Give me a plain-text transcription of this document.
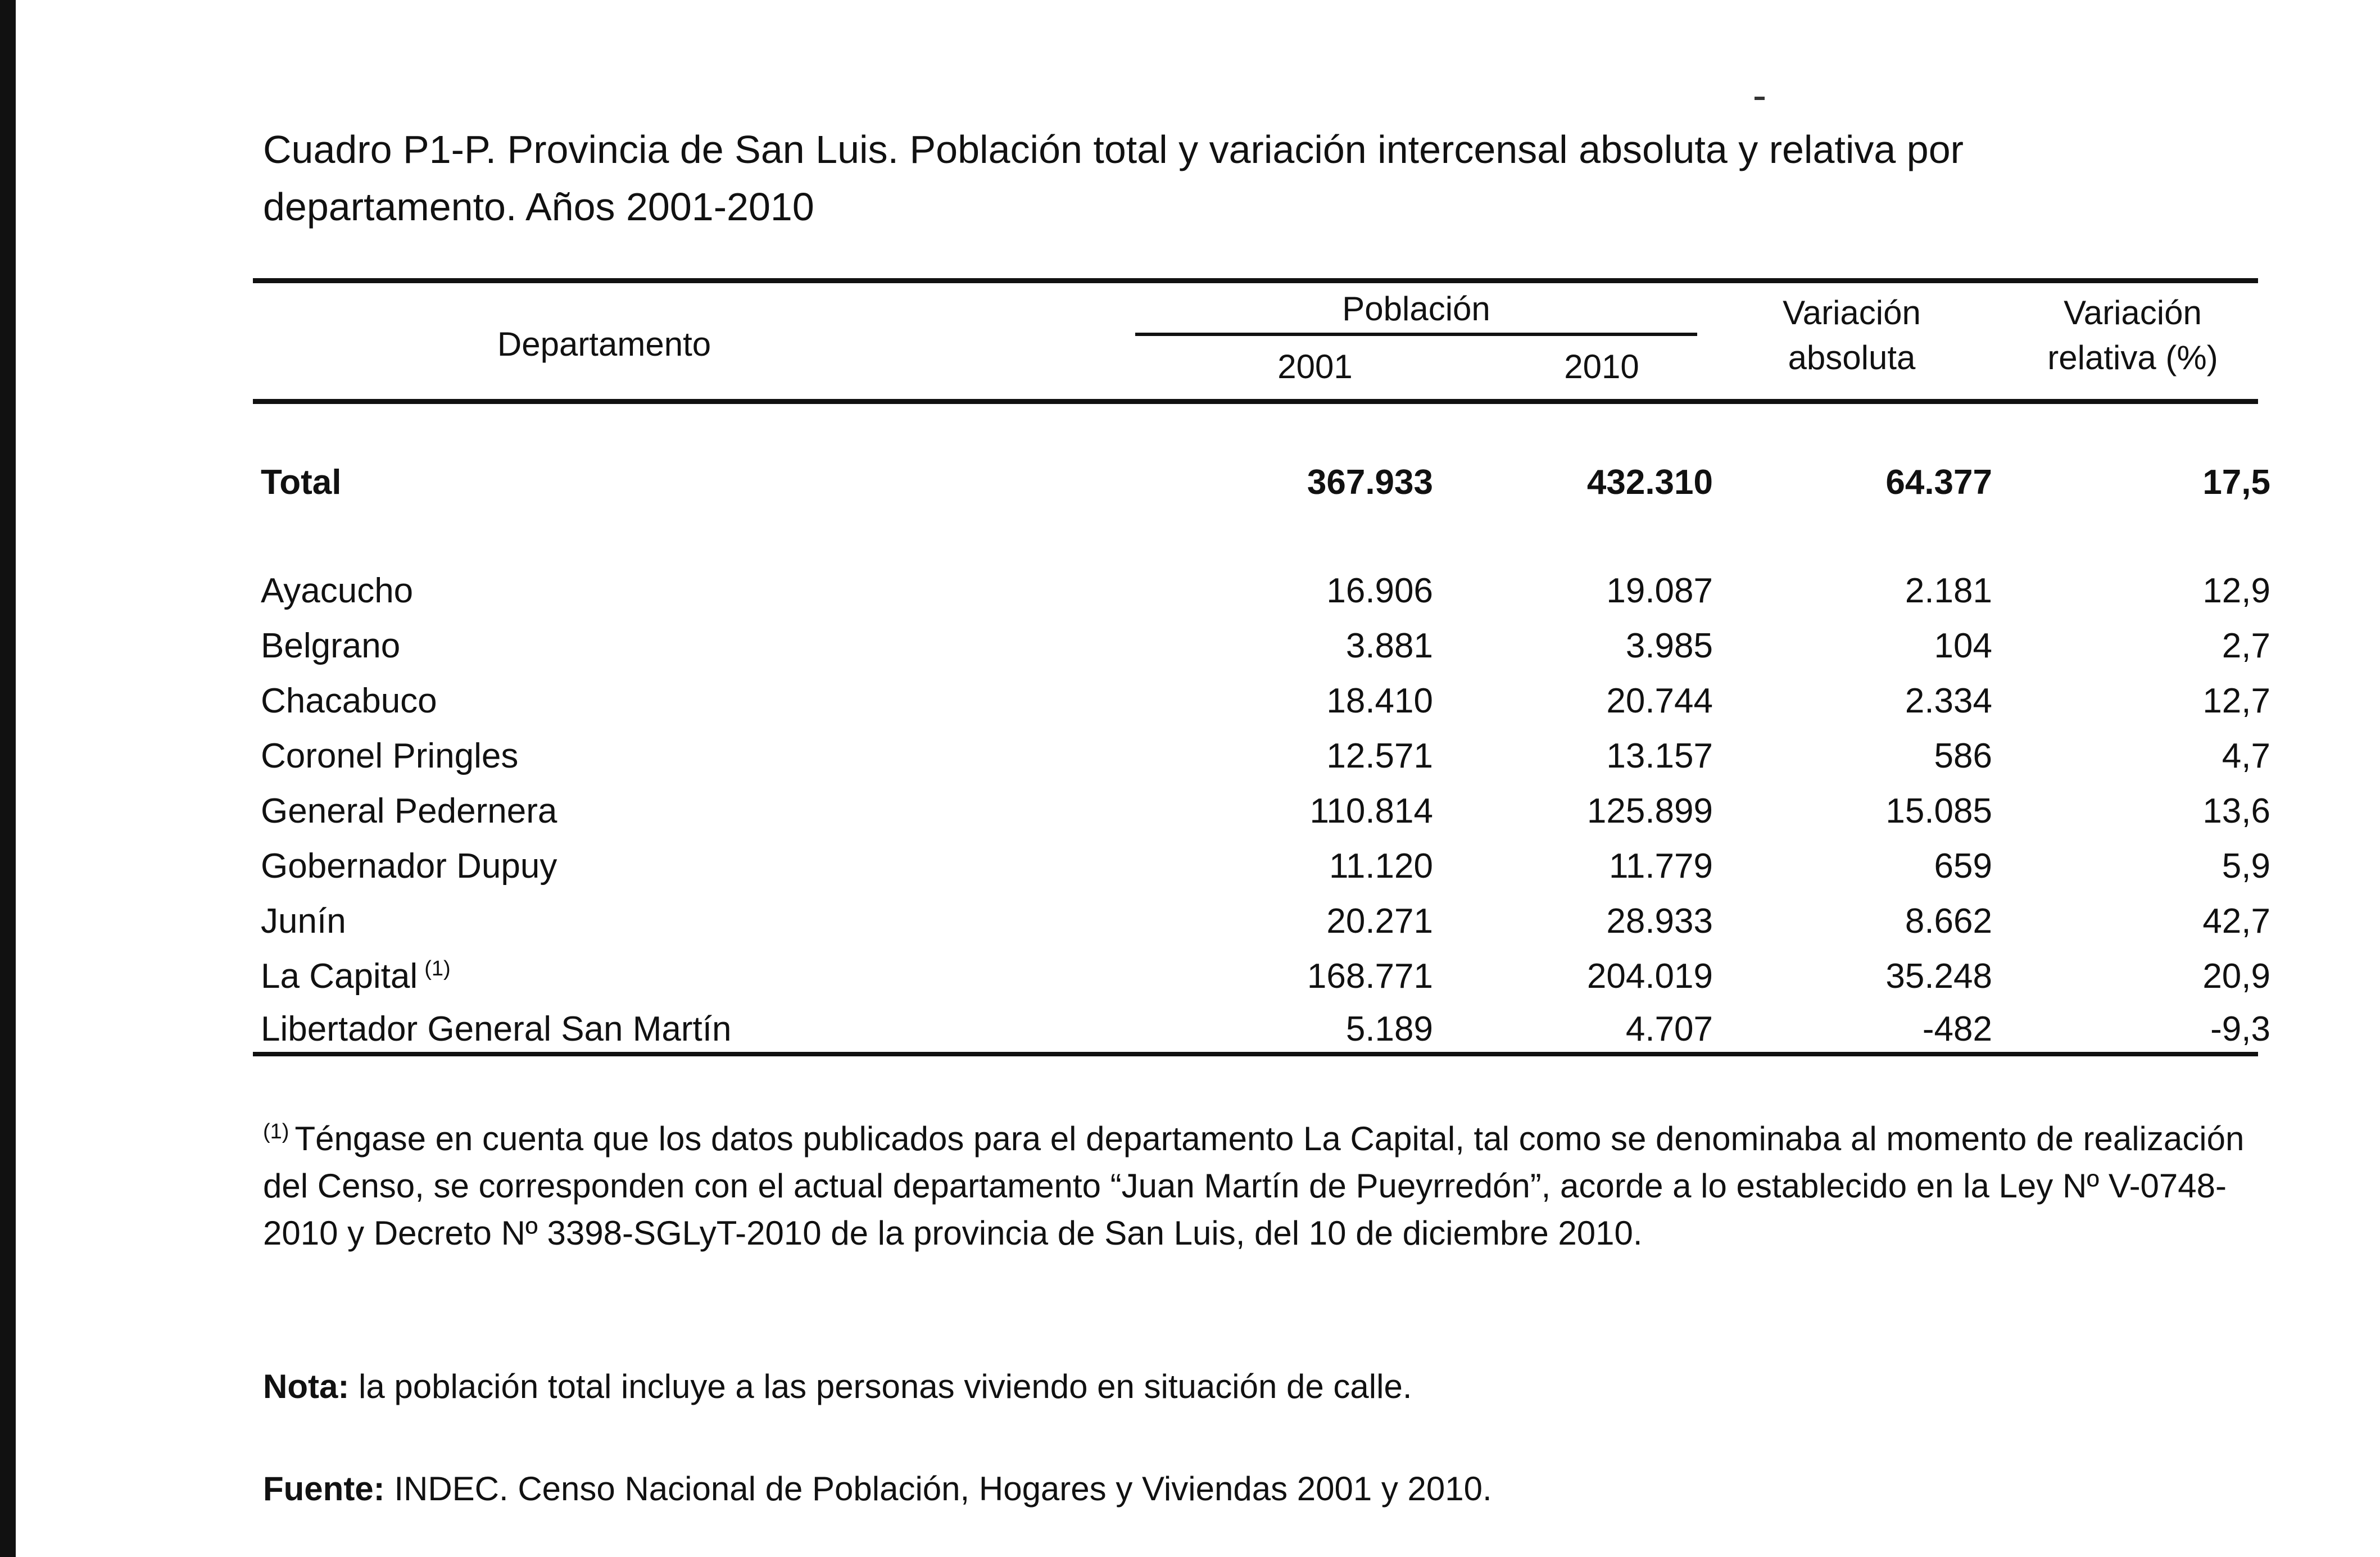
Cuadro P1-P. Provincia de San Luis. Población total y variación intercensal absoluta y relativa por departamento. Años 2001-2010
Departamento
Población
2001	2010
Variación
absoluta
Variación
relativa (%)
Total	367.933	432.310	64.377	17,5
Ayacucho	16.906	19.087	2.181	12,9
Belgrano	3.881	3.985	104	2,7
Chacabuco	18.410	20.744	2.334	12,7
Coronel Pringles	12.571	13.157	586	4,7
General Pedernera	110.814	125.899	15.085	13,6
Gobernador Dupuy	11.120	11.779	659	5,9
Junín	20.271	28.933	8.662	42,7
La Capital $^{(1)}$	168.771	204.019	35.248	20,9
Libertador General San Martín	5.189	4.707	-482	-9,3

$^{(1)}$ Téngase en cuenta que los datos publicados para el departamento La Capital, tal como se denominaba al momento de realización del Censo, se corresponden con el actual departamento “Juan Martín de Pueyrredón”, acorde a lo establecido en la Ley Nº V-0748-2010 y Decreto Nº 3398-SGLyT-2010 de la provincia de San Luis, del 10 de diciembre 2010.

Nota: la población total incluye a las personas viviendo en situación de calle.

Fuente: INDEC. Censo Nacional de Población, Hogares y Viviendas 2001 y 2010.
